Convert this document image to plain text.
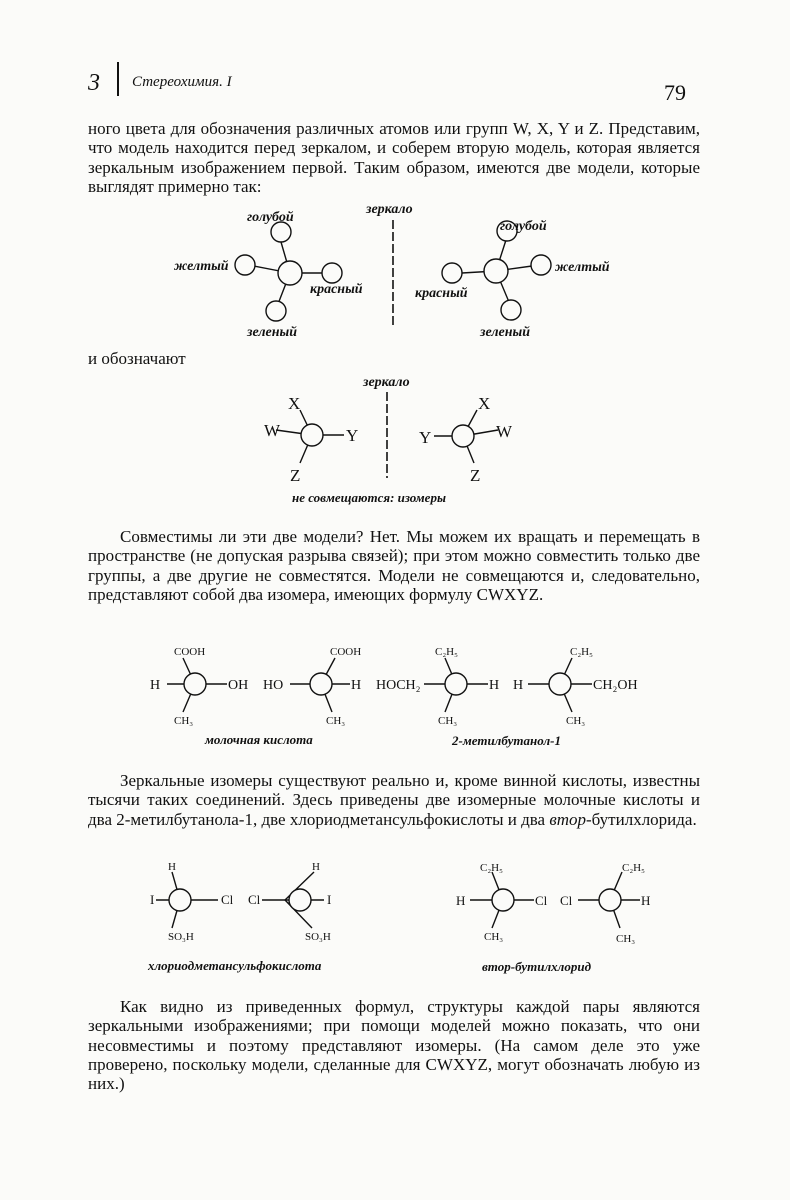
3 Стереохимия. I	79

ного цвета для обозначения различных атомов или групп W, X, Y и Z. Представим, что модель находится перед зеркалом, и соберем вторую модель, которая является зеркальным изображением первой. Таким образом, имеются две модели, которые выглядят примерно так:

зеркало
голубой
желтый
красный
зеленый
голубой
желтый
красный
зеленый

и обозначают

зеркало
X
W	Y
Z
X
W
Y
Z
не совмещаются: изомеры

Совместимы ли эти две модели? Нет. Мы можем их вращать и перемещать в пространстве (не допуская разрыва связей); при этом можно совместить только две группы, а две другие не совместятся. Модели не совмещаются и, следовательно, представляют собой два изомера, имеющих формулу CWXYZ.

COOH
H	OH
CH₃
COOH
HO	H
CH₃
C₂H₅
HOCH₂	H
CH₃
C₂H₅
H	CH₂OH
CH₃
молочная кислота	2-метилбутанол-1

Зеркальные изомеры существуют реально и, кроме винной кислоты, известны тысячи таких соединений. Здесь приведены две изомерные молочные кислоты и два 2-метилбутанола-1, две хлориодметансульфокислоты и два втор-бутилхлорида.

H
I	Cl
SO₃H
H
Cl	I
SO₃H
C₂H₅
H	Cl
CH₃
C₂H₅
Cl	H
CH₃
хлориодметансульфокислота	втор-бутилхлорид

Как видно из приведенных формул, структуры каждой пары являются зеркальными изображениями; при помощи моделей можно показать, что они несовместимы и поэтому представляют изомеры. (На самом деле это уже проверено, поскольку модели, сделанные для CWXYZ, могут обозначать любую из них.)
